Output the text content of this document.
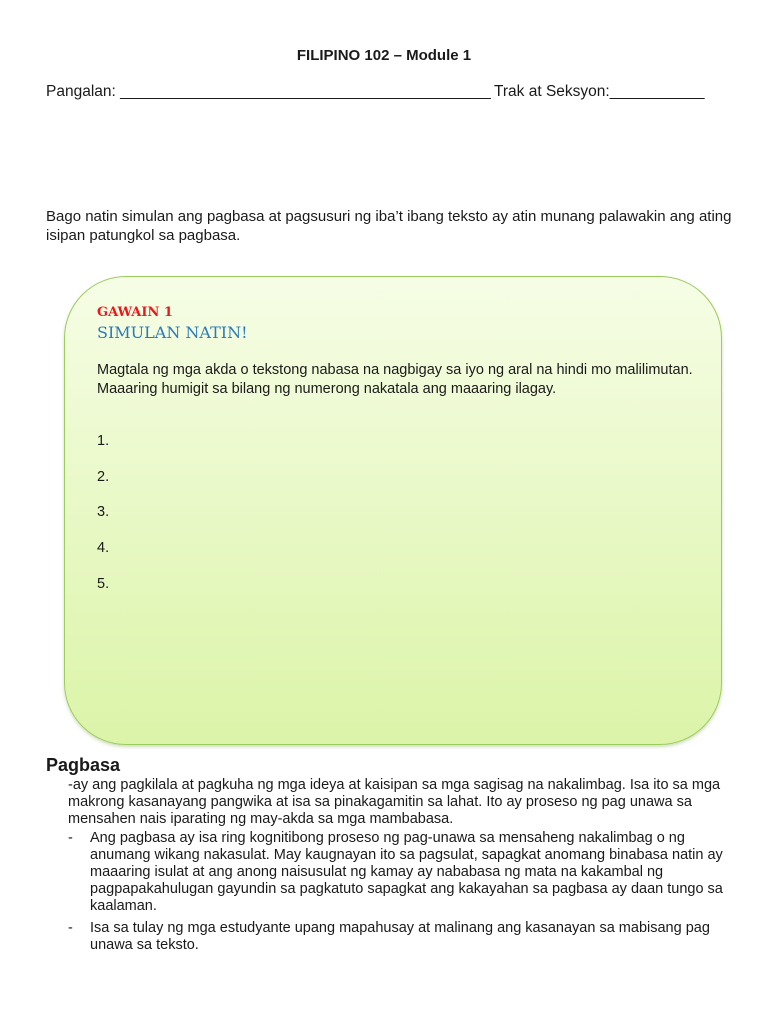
FILIPINO 102 – Module 1
Pangalan: ___________________________________________ Trak at Seksyon:___________
Bago natin simulan ang pagbasa at pagsusuri ng iba’t ibang teksto ay atin munang palawakin ang ating isipan patungkol sa pagbasa.
GAWAIN 1
SIMULAN NATIN!
Magtala ng mga akda o tekstong nabasa na nagbigay sa iyo ng aral na hindi mo malilimutan. Maaaring humigit sa bilang ng numerong nakatala ang maaaring ilagay.
1.
2.
3.
4.
5.
Pagbasa
-ay ang pagkilala at pagkuha ng mga ideya at kaisipan sa mga sagisag na nakalimbag. Isa ito sa mga makrong kasanayang pangwika at isa sa pinakagamitin sa lahat. Ito ay proseso ng pag unawa sa mensahen nais iparating ng may-akda sa mga mambabasa.
- Ang pagbasa ay isa ring kognitibong proseso ng pag-unawa sa mensaheng nakalimbag o ng anumang wikang nakasulat. May kaugnayan ito sa pagsulat, sapagkat anomang binabasa natin ay maaaring isulat at ang anong naisusulat ng kamay ay nababasa ng mata na kakambal ng pagpapakahulugan gayundin sa pagkatuto sapagkat ang kakayahan sa pagbasa ay daan tungo sa kaalaman.
- Isa sa tulay ng mga estudyante upang mapahusay at malinang ang kasanayan sa mabisang pag unawa sa teksto.
